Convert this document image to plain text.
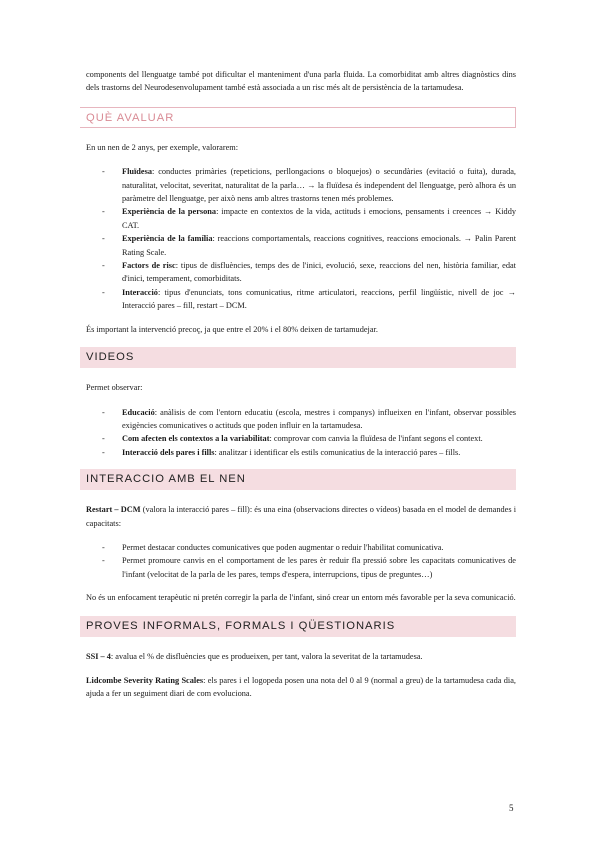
components del llenguatge també pot dificultar el manteniment d'una parla fluida. La comorbiditat amb altres diagnòstics dins dels trastorns del Neurodesenvolupament també està associada a un risc més alt de persistència de la tartamudesa.

QUÈ AVALUAR

En un nen de 2 anys, per exemple, valorarem:

- Fluïdesa: conductes primàries (repeticions, perllongacions o bloquejos) o secundàries (evitació o fuita), durada, naturalitat, velocitat, severitat, naturalitat de la parla… → la fluïdesa és independent del llenguatge, però alhora és un paràmetre del llenguatge, per això nens amb altres trastorns tenen més problemes.
- Experiència de la persona: impacte en contextos de la vida, actituds i emocions, pensaments i creences → Kiddy CAT.
- Experiència de la família: reaccions comportamentals, reaccions cognitives, reaccions emocionals. → Palin Parent Rating Scale.
- Factors de risc: tipus de disfluències, temps des de l'inici, evolució, sexe, reaccions del nen, història familiar, edat d'inici, temperament, comorbiditats.
- Interacció: tipus d'enunciats, tons comunicatius, ritme articulatori, reaccions, perfil lingüístic, nivell de joc → Interacció pares – fill, restart – DCM.

És important la intervenció precoç, ja que entre el 20% i el 80% deixen de tartamudejar.

VIDEOS

Permet observar:

- Educació: anàlisis de com l'entorn educatiu (escola, mestres i companys) influeixen en l'infant, observar possibles exigències comunicatives o actituds que poden influir en la tartamudesa.
- Com afecten els contextos a la variabilitat: comprovar com canvia la fluïdesa de l'infant segons el context.
- Interacció dels pares i fills: analitzar i identificar els estils comunicatius de la interacció pares – fills.
INTERACCIO AMB EL NEN

Restart – DCM (valora la interacció pares – fill): és una eina (observacions directes o vídeos) basada en el model de demandes i capacitats:

- Permet destacar conductes comunicatives que poden augmentar o reduir l'habilitat comunicativa.
- Permet promoure canvis en el comportament de les pares èr reduir fla pressió sobre les capacitats comunicatives de l'infant (velocitat de la parla de les pares, temps d'espera, interrupcions, tipus de preguntes…)

No és un enfocament terapèutic ni pretén corregir la parla de l'infant, sinó crear un entorn més favorable per la seva comunicació.

PROVES INFORMALS, FORMALS I QÜESTIONARIS

SSI – 4: avalua el % de disfluències que es produeixen, per tant, valora la severitat de la tartamudesa.

Lidcombe Severity Rating Scales: els pares i el logopeda posen una nota del 0 al 9 (normal a greu) de la tartamudesa cada dia, ajuda a fer un seguiment diari de com evoluciona.

5
